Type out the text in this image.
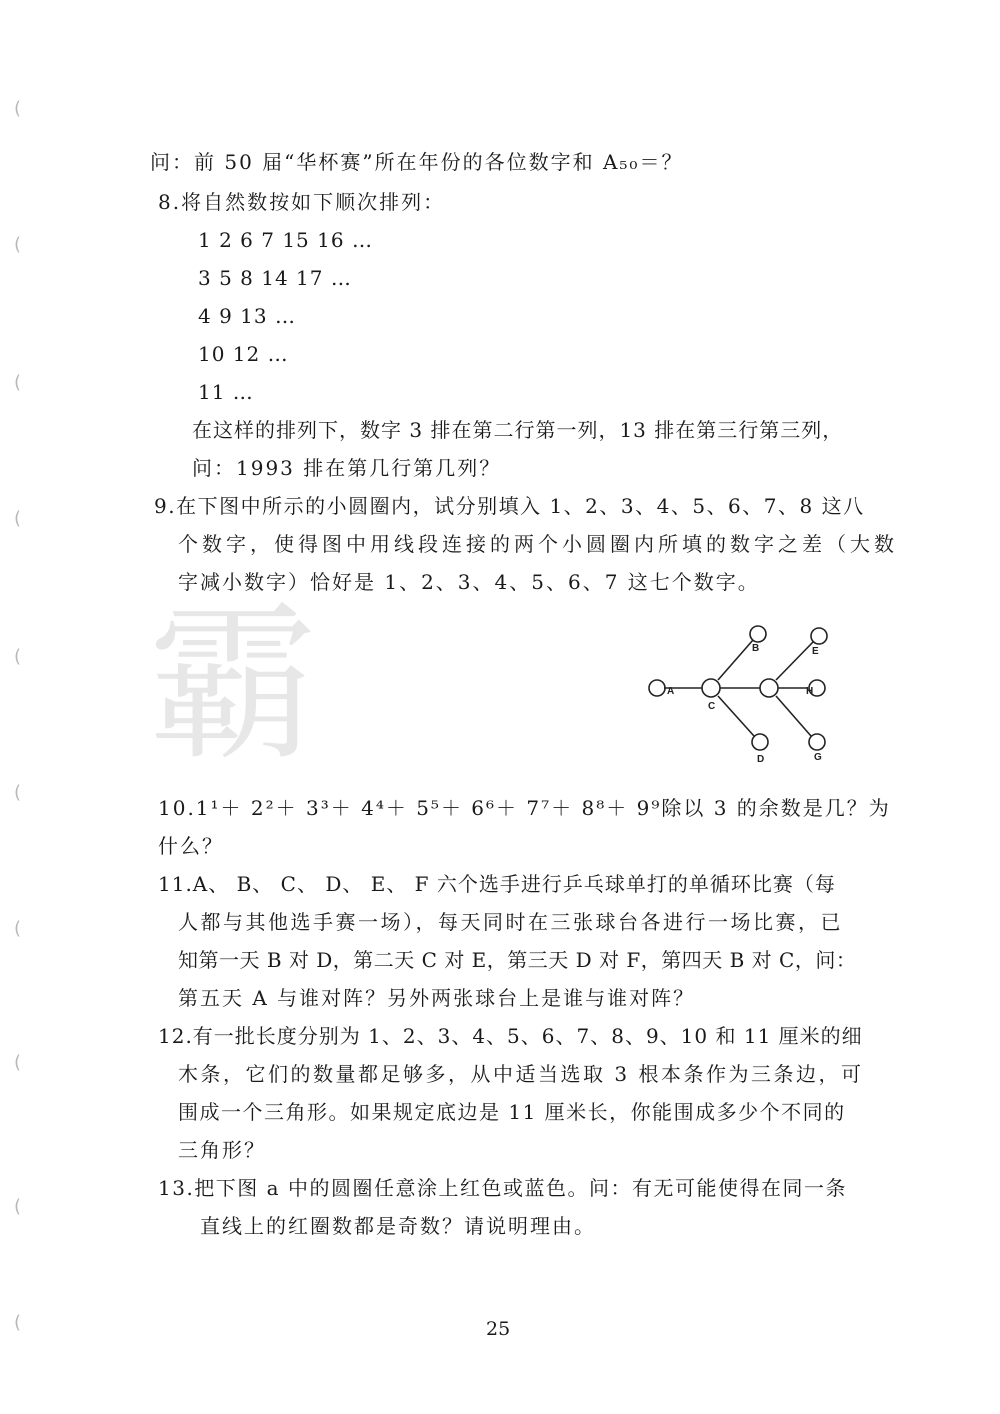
霸
(
(
(
(
(
(
(
(
(
(
问：前 50 届“华杯赛”所在年份的各位数字和 A₅₀＝？
8.将自然数按如下顺次排列：
1 2 6 7 15 16 …
3 5 8 14 17 …
4 9 13 …
10 12 …
11 …
在这样的排列下，数字 3 排在第二行第一列，13 排在第三行第三列，
问：1993 排在第几行第几列？
9.在下图中所示的小圆圈内，试分别填入 1、2、3、4、5、6、7、8 这八
个数字，使得图中用线段连接的两个小圆圈内所填的数字之差（大数
字减小数字）恰好是 1、2、3、4、5、6、7 这七个数字。
A
B
C
D
E
G
H
10.1¹＋ 2²＋ 3³＋ 4⁴＋ 5⁵＋ 6⁶＋ 7⁷＋ 8⁸＋ 9⁹除以 3 的余数是几？为
什么？
11.A、 B、 C、 D、 E、 F 六个选手进行乒乓球单打的单循环比赛（每
人都与其他选手赛一场），每天同时在三张球台各进行一场比赛，已
知第一天 B 对 D，第二天 C 对 E，第三天 D 对 F，第四天 B 对 C，问：
第五天 A 与谁对阵？另外两张球台上是谁与谁对阵？
12.有一批长度分别为 1、2、3、4、5、6、7、8、9、10 和 11 厘米的细
木条，它们的数量都足够多，从中适当选取 3 根本条作为三条边，可
围成一个三角形。如果规定底边是 11 厘米长，你能围成多少个不同的
三角形？
13.把下图 a 中的圆圈任意涂上红色或蓝色。问：有无可能使得在同一条
直线上的红圈数都是奇数？请说明理由。
25
